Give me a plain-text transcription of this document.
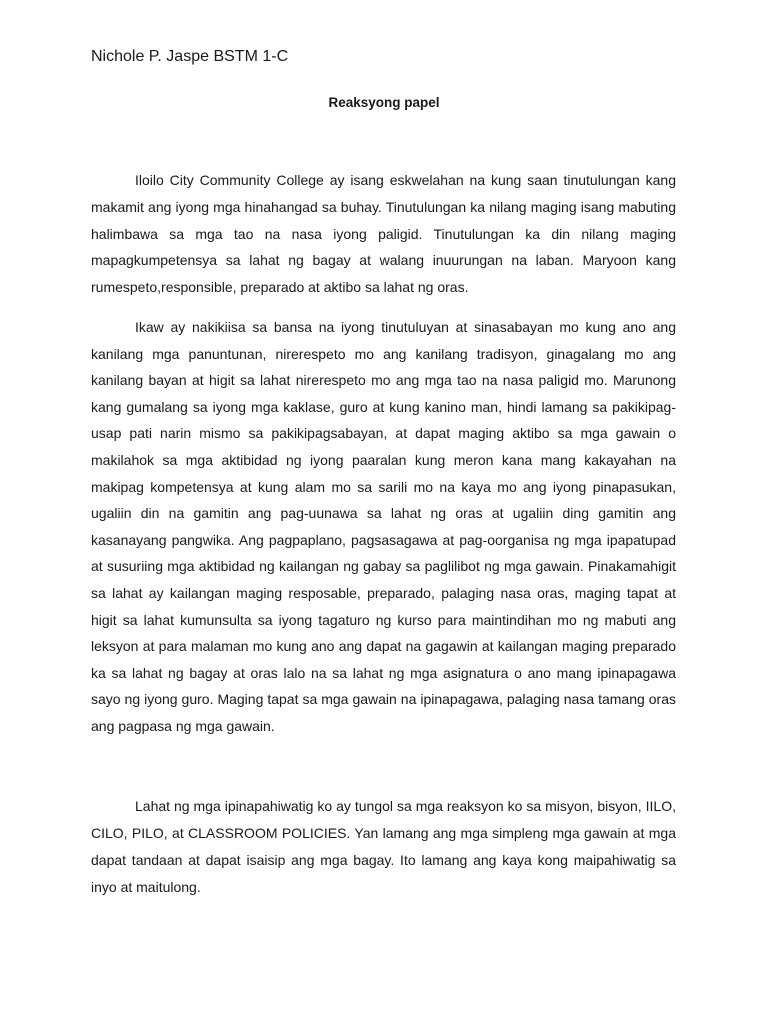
Nichole P. Jaspe BSTM 1-C
Reaksyong papel

Iloilo City Community College ay isang eskwelahan na kung saan tinutulungan kang makamit ang iyong mga hinahangad sa buhay. Tinutulungan ka nilang maging isang mabuting halimbawa sa mga tao na nasa iyong paligid. Tinutulungan ka din nilang maging mapagkumpetensya sa lahat ng bagay at walang inuurungan na laban. Maryoon kang rumespeto,responsible, preparado at aktibo sa lahat ng oras.

Ikaw ay nakikiisa sa bansa na iyong tinutuluyan at sinasabayan mo kung ano ang kanilang mga panuntunan, nirerespeto mo ang kanilang tradisyon, ginagalang mo ang kanilang bayan at higit sa lahat nirerespeto mo ang mga tao na nasa paligid mo. Marunong kang gumalang sa iyong mga kaklase, guro at kung kanino man, hindi lamang sa pakikipag-usap pati narin mismo sa pakikipagsabayan, at dapat maging aktibo sa mga gawain o makilahok sa mga aktibidad ng iyong paaralan kung meron kana mang kakayahan na makipag kompetensya at kung alam mo sa sarili mo na kaya mo ang iyong pinapasukan, ugaliin din na gamitin ang pag-uunawa sa lahat ng oras at ugaliin ding gamitin ang kasanayang pangwika. Ang pagpaplano, pagsasagawa at pag-oorganisa ng mga ipapatupad at susuriing mga aktibidad ng kailangan ng gabay sa paglilibot ng mga gawain. Pinakamahigit sa lahat ay kailangan maging resposable, preparado, palaging nasa oras, maging tapat at higit sa lahat kumunsulta sa iyong tagaturo ng kurso para maintindihan mo ng mabuti ang leksyon at para malaman mo kung ano ang dapat na gagawin at kailangan maging preparado ka sa lahat ng bagay at oras lalo na sa lahat ng mga asignatura o ano mang ipinapagawa sayo ng iyong guro. Maging tapat sa mga gawain na ipinapagawa, palaging nasa tamang oras ang pagpasa ng mga gawain.

Lahat ng mga ipinapahiwatig ko ay tungol sa mga reaksyon ko sa misyon, bisyon, IILO, CILO, PILO, at CLASSROOM POLICIES. Yan lamang ang mga simpleng mga gawain at mga dapat tandaan at dapat isaisip ang mga bagay. Ito lamang ang kaya kong maipahiwatig sa inyo at maitulong.
